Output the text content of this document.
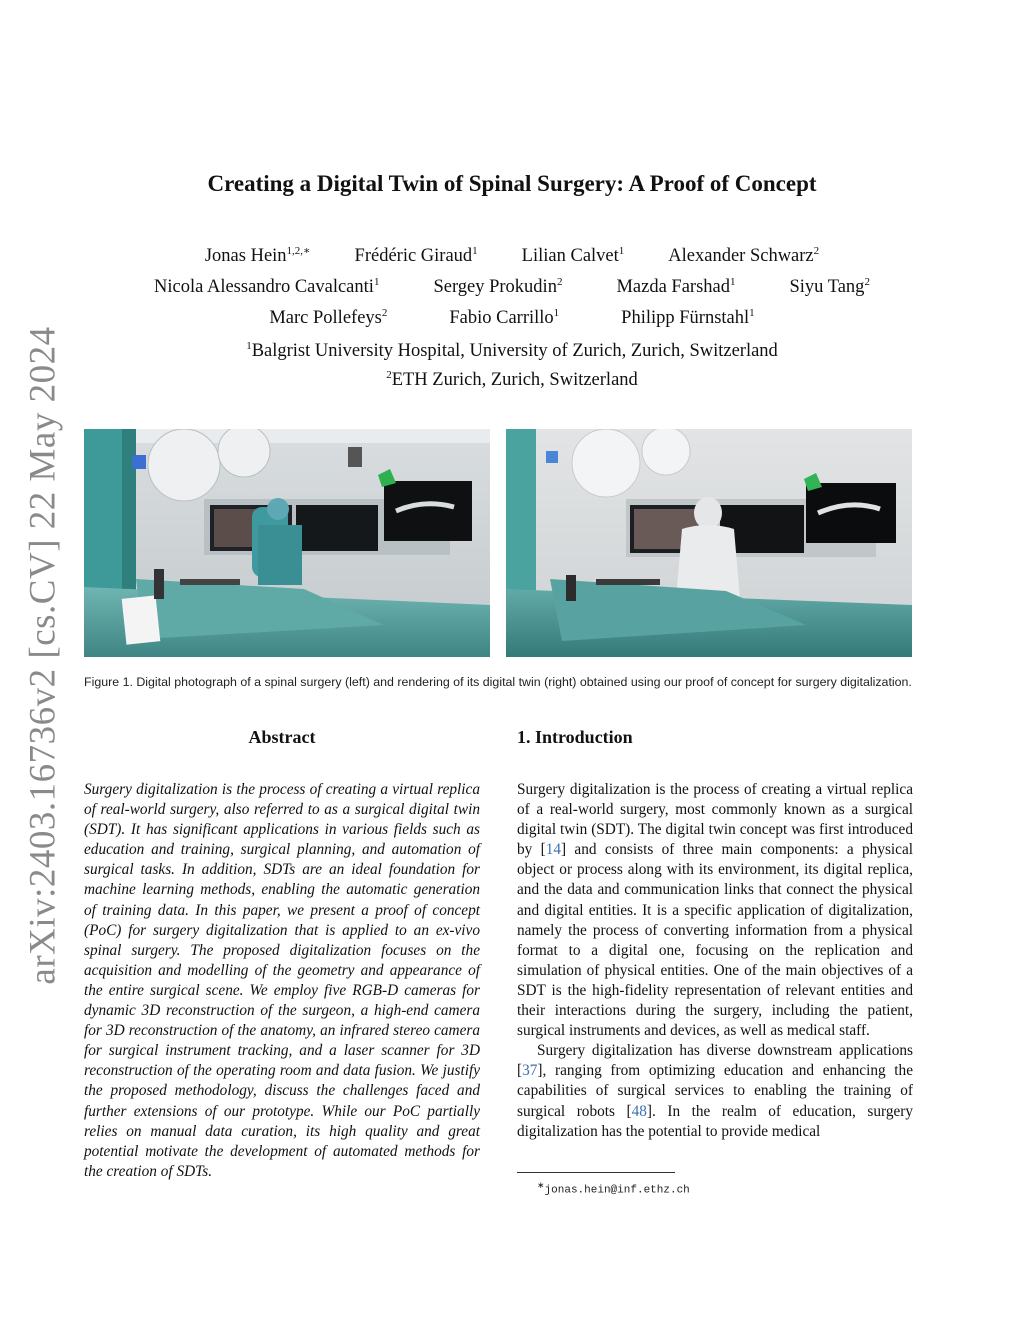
arXiv:2403.16736v2 [cs.CV] 22 May 2024
Creating a Digital Twin of Spinal Surgery: A Proof of Concept
Jonas Hein$^{1,2,∗}$ Frédéric Giraud$^1$ Lilian Calvet$^1$ Alexander Schwarz$^2$
Nicola Alessandro Cavalcanti$^1$	Sergey Prokudin$^2$	Mazda Farshad$^1$	Siyu Tang$^2$
Marc Pollefeys$^2$	Fabio Carrillo$^1$	Philipp Fürnstahl$^1$
$^1$Balgrist University Hospital, University of Zurich, Zurich, Switzerland
$^2$ETH Zurich, Zurich, Switzerland
Figure 1. Digital photograph of a spinal surgery (left) and rendering of its digital twin (right) obtained using our proof of concept for surgery digitalization.
Abstract
Surgery digitalization is the process of creating a virtual replica of real-world surgery, also referred to as a surgical digital twin (SDT). It has significant applications in various fields such as education and training, surgical planning, and automation of surgical tasks. In addition, SDTs are an ideal foundation for machine learning methods, enabling the automatic generation of training data. In this paper, we present a proof of concept (PoC) for surgery digitalization that is applied to an ex-vivo spinal surgery. The proposed digitalization focuses on the acquisition and modelling of the geometry and appearance of the entire surgical scene. We employ five RGB-D cameras for dynamic 3D reconstruction of the surgeon, a high-end camera for 3D reconstruction of the anatomy, an infrared stereo camera for surgical instrument tracking, and a laser scanner for 3D reconstruction of the operating room and data fusion. We justify the proposed methodology, discuss the challenges faced and further extensions of our prototype. While our PoC partially relies on manual data curation, its high quality and great potential motivate the development of automated methods for the creation of SDTs.
1. Introduction

Surgery digitalization is the process of creating a virtual replica of a real-world surgery, most commonly known as a surgical digital twin (SDT). The digital twin concept was first introduced by [14] and consists of three main components: a physical object or process along with its environment, its digital replica, and the data and communication links that connect the physical and digital entities. It is a specific application of digitalization, namely the process of converting information from a physical format to a digital one, focusing on the replication and simulation of physical entities. One of the main objectives of a SDT is the high-fidelity representation of relevant entities and their interactions during the surgery, including the patient, surgical instruments and devices, as well as medical staff.

Surgery digitalization has diverse downstream applications [37], ranging from optimizing education and enhancing the capabilities of surgical services to enabling the training of surgical robots [48]. In the realm of education, surgery digitalization has the potential to provide medical

∗jonas.hein@inf.ethz.ch
